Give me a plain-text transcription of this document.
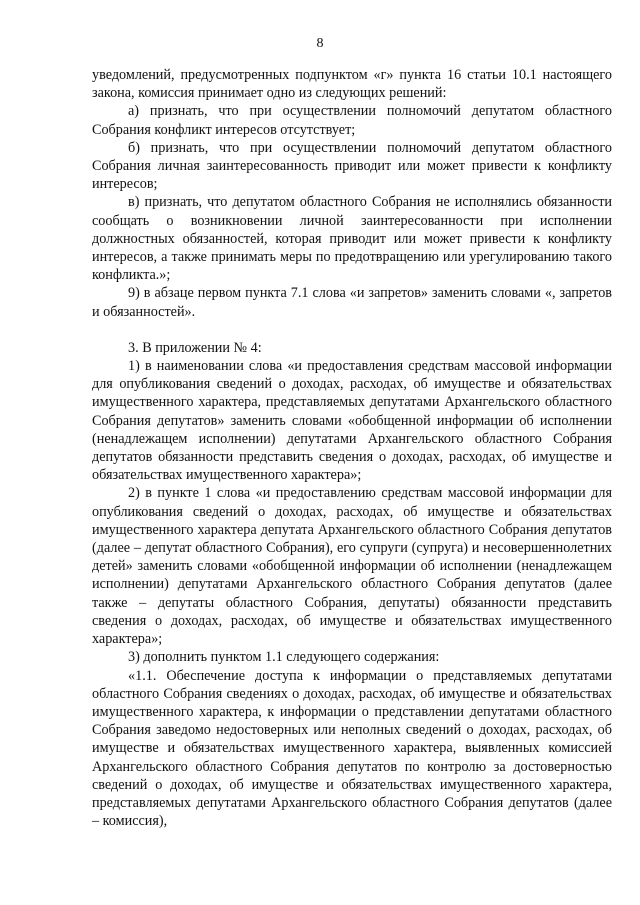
8

уведомлений, предусмотренных подпунктом «г» пункта 16 статьи 10.1 настоящего закона, комиссия принимает одно из следующих решений:

а) признать, что при осуществлении полномочий депутатом областного Собрания конфликт интересов отсутствует;

б) признать, что при осуществлении полномочий депутатом областного Собрания личная заинтересованность приводит или может привести к конфликту интересов;

в) признать, что депутатом областного Собрания не исполнялись обязанности сообщать о возникновении личной заинтересованности при исполнении должностных обязанностей, которая приводит или может привести к конфликту интересов, а также принимать меры по предотвращению или урегулированию такого конфликта.»;

9) в абзаце первом пункта 7.1 слова «и запретов» заменить словами «, запретов и обязанностей».

3. В приложении № 4:

1) в наименовании слова «и предоставления средствам массовой информации для опубликования сведений о доходах, расходах, об имуществе и обязательствах имущественного характера, представляемых депутатами Архангельского областного Собрания депутатов» заменить словами «обобщенной информации об исполнении (ненадлежащем исполнении) депутатами Архангельского областного Собрания депутатов обязанности представить сведения о доходах, расходах, об имуществе и обязательствах имущественного характера»;

2) в пункте 1 слова «и предоставлению средствам массовой информации для опубликования сведений о доходах, расходах, об имуществе и обязательствах имущественного характера депутата Архангельского областного Собрания депутатов (далее – депутат областного Собрания), его супруги (супруга) и несовершеннолетних детей» заменить словами «обобщенной информации об исполнении (ненадлежащем исполнении) депутатами Архангельского областного Собрания депутатов (далее также – депутаты областного Собрания, депутаты) обязанности представить сведения о доходах, расходах, об имуществе и обязательствах имущественного характера»;

3) дополнить пунктом 1.1 следующего содержания:

«1.1. Обеспечение доступа к информации о представляемых депутатами областного Собрания сведениях о доходах, расходах, об имуществе и обязательствах имущественного характера, к информации о представлении депутатами областного Собрания заведомо недостоверных или неполных сведений о доходах, расходах, об имуществе и обязательствах имущественного характера, выявленных комиссией Архангельского областного Собрания депутатов по контролю за достоверностью сведений о доходах, об имуществе и обязательствах имущественного характера, представляемых депутатами Архангельского областного Собрания депутатов (далее – комиссия),
